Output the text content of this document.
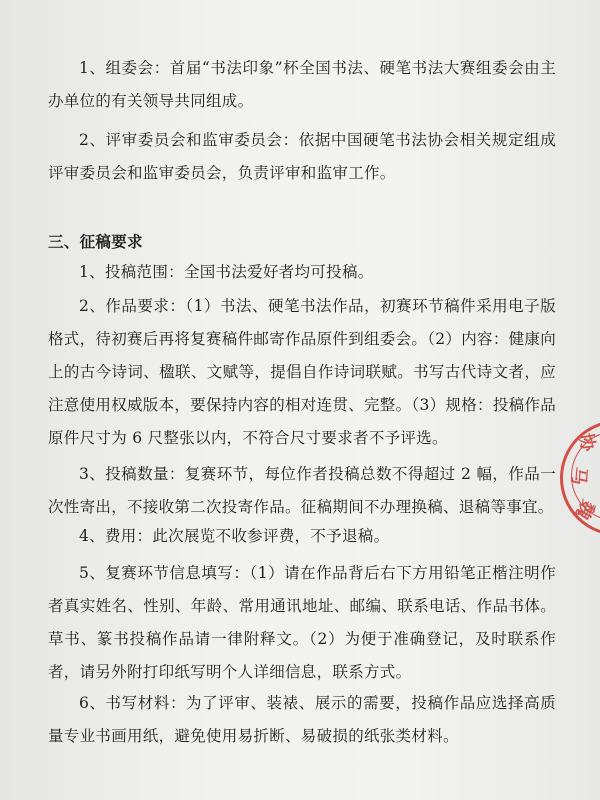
1、组委会：首届“书法印象”杯全国书法、硬笔书法大赛组委会由主办单位的有关领导共同组成。

2、评审委员会和监审委员会：依据中国硬笔书法协会相关规定组成评审委员会和监审委员会，负责评审和监审工作。

三、征稿要求

1、投稿范围：全国书法爱好者均可投稿。

2、作品要求：（1）书法、硬笔书法作品，初赛环节稿件采用电子版格式，待初赛后再将复赛稿件邮寄作品原件到组委会。（2）内容：健康向上的古今诗词、楹联、文赋等，提倡自作诗词联赋。书写古代诗文者，应注意使用权威版本，要保持内容的相对连贯、完整。（3）规格：投稿作品原件尺寸为 6 尺整张以内，不符合尺寸要求者不予评选。

3、投稿数量：复赛环节，每位作者投稿总数不得超过 2 幅，作品一次性寄出，不接收第二次投寄作品。征稿期间不办理换稿、退稿等事宜。

4、费用：此次展览不收参评费，不予退稿。

5、复赛环节信息填写：（1）请在作品背后右下方用铅笔正楷注明作者真实姓名、性别、年龄、常用通讯地址、邮编、联系电话、作品书体。草书、篆书投稿作品请一律附释文。（2）为便于准确登记，及时联系作者，请另外附打印纸写明个人详细信息，联系方式。

6、书写材料：为了评审、装裱、展示的需要，投稿作品应选择高质量专业书画用纸，避免使用易折断、易破损的纸张类材料。

协
马
魏
